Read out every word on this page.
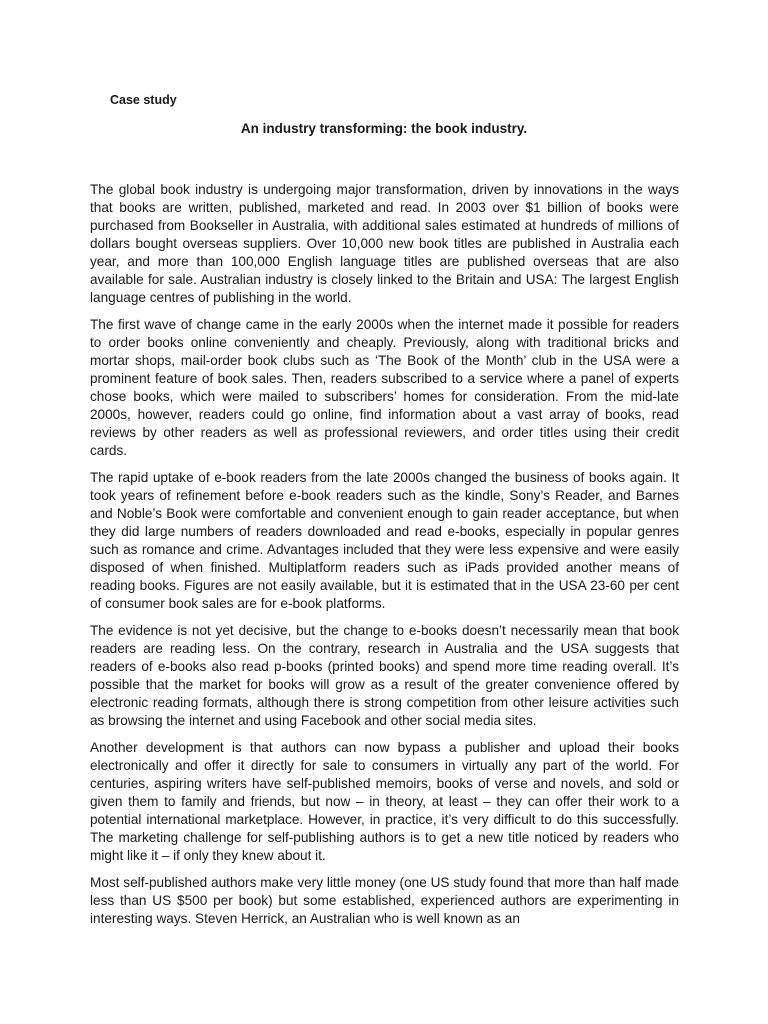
Case study
An industry transforming: the book industry.

The global book industry is undergoing major transformation, driven by innovations in the ways that books are written, published, marketed and read. In 2003 over $1 billion of books were purchased from Bookseller in Australia, with additional sales estimated at hundreds of millions of dollars bought overseas suppliers. Over 10,000 new book titles are published in Australia each year, and more than 100,000 English language titles are published overseas that are also available for sale. Australian industry is closely linked to the Britain and USA: The largest English language centres of publishing in the world.

The first wave of change came in the early 2000s when the internet made it possible for readers to order books online conveniently and cheaply. Previously, along with traditional bricks and mortar shops, mail-order book clubs such as ‘The Book of the Month’ club in the USA were a prominent feature of book sales. Then, readers subscribed to a service where a panel of experts chose books, which were mailed to subscribers’ homes for consideration. From the mid-late 2000s, however, readers could go online, find information about a vast array of books, read reviews by other readers as well as professional reviewers, and order titles using their credit cards.

The rapid uptake of e-book readers from the late 2000s changed the business of books again. It took years of refinement before e-book readers such as the kindle, Sony’s Reader, and Barnes and Noble’s Book were comfortable and convenient enough to gain reader acceptance, but when they did large numbers of readers downloaded and read e-books, especially in popular genres such as romance and crime. Advantages included that they were less expensive and were easily disposed of when finished. Multiplatform readers such as iPads provided another means of reading books. Figures are not easily available, but it is estimated that in the USA 23-60 per cent of consumer book sales are for e-book platforms.

The evidence is not yet decisive, but the change to e-books doesn’t necessarily mean that book readers are reading less. On the contrary, research in Australia and the USA suggests that readers of e-books also read p-books (printed books) and spend more time reading overall. It’s possible that the market for books will grow as a result of the greater convenience offered by electronic reading formats, although there is strong competition from other leisure activities such as browsing the internet and using Facebook and other social media sites.

Another development is that authors can now bypass a publisher and upload their books electronically and offer it directly for sale to consumers in virtually any part of the world. For centuries, aspiring writers have self-published memoirs, books of verse and novels, and sold or given them to family and friends, but now – in theory, at least – they can offer their work to a potential international marketplace. However, in practice, it’s very difficult to do this successfully. The marketing challenge for self-publishing authors is to get a new title noticed by readers who might like it – if only they knew about it.

Most self-published authors make very little money (one US study found that more than half made less than US $500 per book) but some established, experienced authors are experimenting in interesting ways. Steven Herrick, an Australian who is well known as an
